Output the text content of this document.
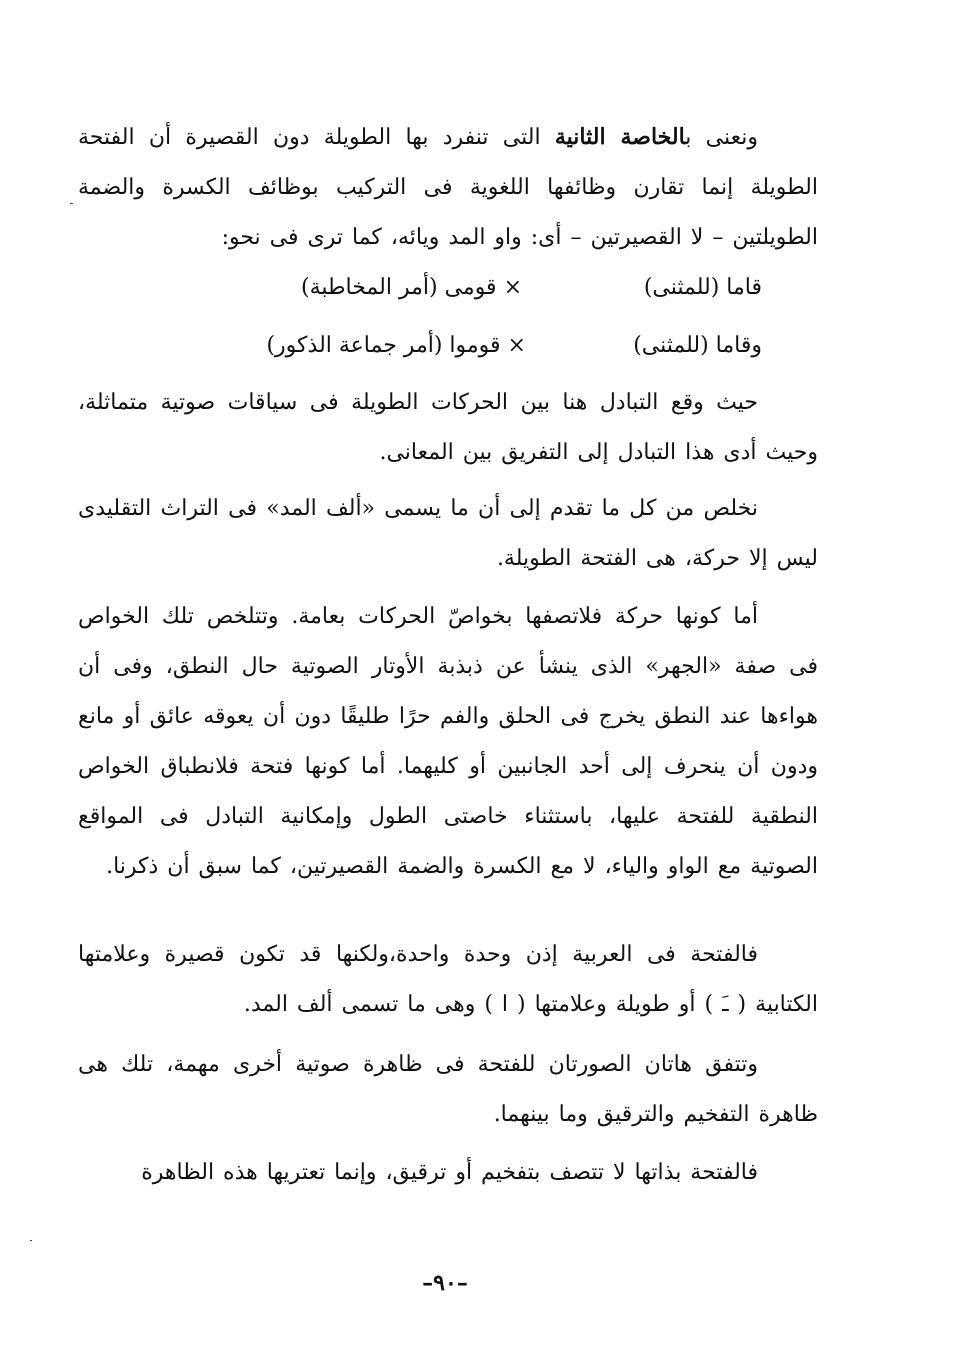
ونعنى بالخاصة الثانية التى تنفرد بها الطويلة دون القصيرة أن الفتحة الطويلة إنما تقارن وظائفها اللغوية فى التركيب بوظائف الكسرة والضمة الطويلتين – لا القصيرتين – أى: واو المد ويائه، كما ترى فى نحو:

قاما (للمثنى)
× قومى (أمر المخاطبة)
وقاما (للمثنى)
× قوموا (أمر جماعة الذكور)

حيث وقع التبادل هنا بين الحركات الطويلة فى سياقات صوتية متماثلة، وحيث أدى هذا التبادل إلى التفريق بين المعانى.

نخلص من كل ما تقدم إلى أن ما يسمى «ألف المد» فى التراث التقليدى ليس إلا حركة، هى الفتحة الطويلة.

أما كونها حركة فلاتصفها بخواصّ الحركات بعامة. وتتلخص تلك الخواص فى صفة «الجهر» الذى ينشأ عن ذبذبة الأوتار الصوتية حال النطق، وفى أن هواءها عند النطق يخرج فى الحلق والفم حرًا طليقًا دون أن يعوقه عائق أو مانع ودون أن ينحرف إلى أحد الجانبين أو كليهما. أما كونها فتحة فلانطباق الخواص النطقية للفتحة عليها، باستثناء خاصتى الطول وإمكانية التبادل فى المواقع الصوتية مع الواو والياء، لا مع الكسرة والضمة القصيرتين، كما سبق أن ذكرنا.

فالفتحة فى العربية إذن وحدة واحدة،ولكنها قد تكون قصيرة وعلامتها الكتابية ( ـَ ) أو طويلة وعلامتها ( ا ) وهى ما تسمى ألف المد.

وتتفق هاتان الصورتان للفتحة فى ظاهرة صوتية أخرى مهمة، تلك هى ظاهرة التفخيم والترقيق وما بينهما.

فالفتحة بذاتها لا تتصف بتفخيم أو ترقيق، وإنما تعتريها هذه الظاهرة

–٩٠–
